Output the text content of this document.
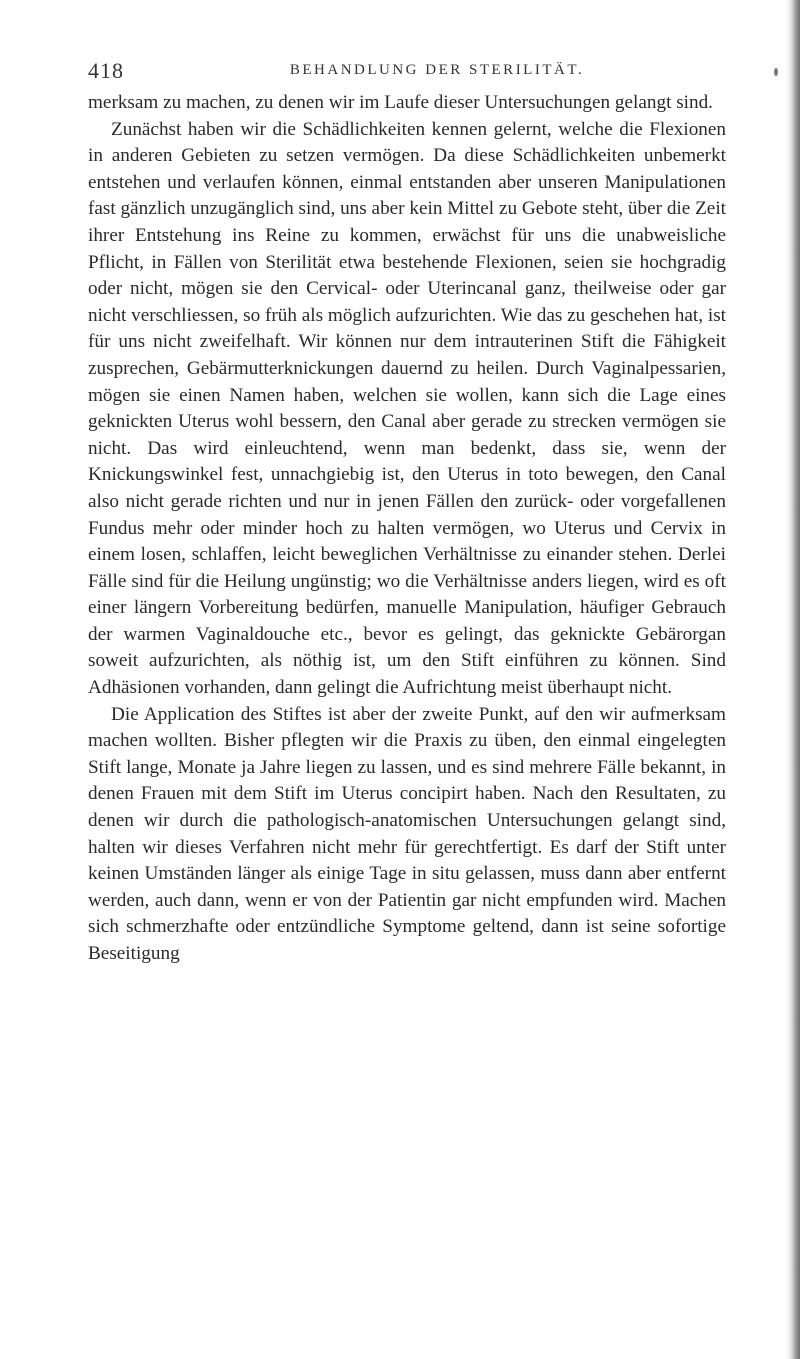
418	BEHANDLUNG DER STERILITÄT.

merksam zu machen, zu denen wir im Laufe dieser Untersuchungen gelangt sind.

Zunächst haben wir die Schädlichkeiten kennen gelernt, welche die Flexionen in anderen Gebieten zu setzen vermögen. Da diese Schädlichkeiten unbemerkt entstehen und verlaufen können, einmal entstanden aber unseren Manipulationen fast gänzlich unzugänglich sind, uns aber kein Mittel zu Gebote steht, über die Zeit ihrer Entstehung ins Reine zu kommen, erwächst für uns die unabweisliche Pflicht, in Fällen von Sterilität etwa bestehende Flexionen, seien sie hochgradig oder nicht, mögen sie den Cervical- oder Uterincanal ganz, theilweise oder gar nicht verschliessen, so früh als möglich aufzurichten. Wie das zu geschehen hat, ist für uns nicht zweifelhaft. Wir können nur dem intrauterinen Stift die Fähigkeit zusprechen, Gebärmutterknickungen dauernd zu heilen. Durch Vaginalpessarien, mögen sie einen Namen haben, welchen sie wollen, kann sich die Lage eines geknickten Uterus wohl bessern, den Canal aber gerade zu strecken vermögen sie nicht. Das wird einleuchtend, wenn man bedenkt, dass sie, wenn der Knickungswinkel fest, unnachgiebig ist, den Uterus in toto bewegen, den Canal also nicht gerade richten und nur in jenen Fällen den zurück- oder vorgefallenen Fundus mehr oder minder hoch zu halten vermögen, wo Uterus und Cervix in einem losen, schlaffen, leicht beweglichen Verhältnisse zu einander stehen. Derlei Fälle sind für die Heilung ungünstig; wo die Verhältnisse anders liegen, wird es oft einer längern Vorbereitung bedürfen, manuelle Manipulation, häufiger Gebrauch der warmen Vaginaldouche etc., bevor es gelingt, das geknickte Gebärorgan soweit aufzurichten, als nöthig ist, um den Stift einführen zu können. Sind Adhäsionen vorhanden, dann gelingt die Aufrichtung meist überhaupt nicht.

Die Application des Stiftes ist aber der zweite Punkt, auf den wir aufmerksam machen wollten. Bisher pflegten wir die Praxis zu üben, den einmal eingelegten Stift lange, Monate ja Jahre liegen zu lassen, und es sind mehrere Fälle bekannt, in denen Frauen mit dem Stift im Uterus concipirt haben. Nach den Resultaten, zu denen wir durch die pathologisch-anatomischen Untersuchungen gelangt sind, halten wir dieses Verfahren nicht mehr für gerechtfertigt. Es darf der Stift unter keinen Umständen länger als einige Tage in situ gelassen, muss dann aber entfernt werden, auch dann, wenn er von der Patientin gar nicht empfunden wird. Machen sich schmerzhafte oder entzündliche Symptome geltend, dann ist seine sofortige Beseitigung
